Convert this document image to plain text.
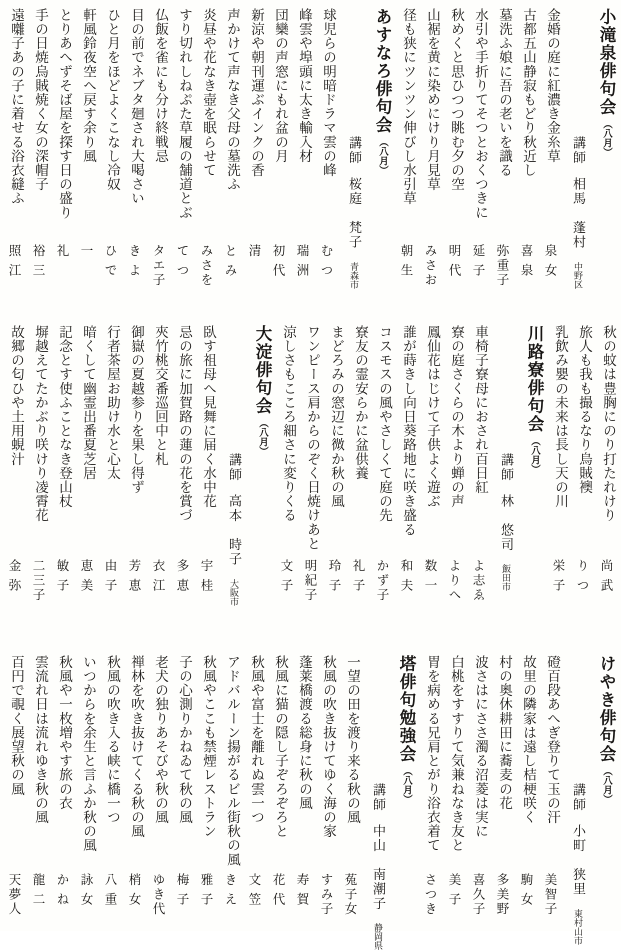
小滝泉俳句会（八月）
講師相馬　蓬村中野区
金婚の庭に紅濃き金糸草
泉 女
古都五山静寂もどり秋近し
喜 泉
墓洗ふ娘に吾の老いを識る
弥重子
水引や手折りてそつとおくつきに
延 子
秋めくと思ひつつ眺む夕の空
明 代
山裾を黄に染めにけり月見草
みさお
径も狭にツンツン伸びし水引草
朝 生
あすなろ俳句会（八月）
講師桜庭　梵子青森市
球児らの明暗ドラマ雲の峰
む つ
峰雲や埠頭に太き輸入材
瑞 洲
団欒の声窓にもれ盆の月
初 代
新涼や朝刊運ぶインクの香
清
声かけて声なき父母の墓洗ふ
と み
炎昼や花なき壺を眠らせて
みさを
すり切れしねぷた草履の舗道とぶ
て つ
仏飯を雀にも分け終戦忌
タエ子
目の前でネブタ廻され大喝さい
き よ
ひと月をほどよくこなし冷奴
ひ で
軒風鈴夜空へ戻す余り風
一
とりあへずそば屋を探す日の盛り
礼
手の日焼烏賊焼く女の深帽子
裕 三
遠囃子あの子に着せる浴衣縫ふ
照 江
秋の蚊は豊胸にのり打たれけり
尚 武
旅人も我も撮るなり烏賊襖
り つ
乳飲み嬰の未来は長し天の川
栄 子
川路寮俳句会（八月）
講師林　悠司飯田市
車椅子寮母におされ百日紅
よ志ゑ
寮の庭さくらの木より蝉の声
よりへ
鳳仙花はじけて子供よく遊ぶ
数 一
誰が蒔きし向日葵路地に咲き盛る
和 夫
コスモスの風やさしくて庭の先
かず子
寮友の霊安らかに盆供養
礼 子
まどろみの窓辺に微か秋の風
玲 子
ワンピース肩からのぞく日焼けあと
明紀子
涼しさもこころ細さに変りくる
文 子
大淀俳句会（八月）
講師高本　時子大阪市
臥す祖母へ見舞に届く水中花
宇 桂
忌の旅に加賀路の蓮の花を賞づ
多 恵
夾竹桃交番巡回中と札
衣 江
御嶽の夏越参りを果し得ず
芳 恵
行者茶屋お助け水と心太
由 子
暗くして幽霊出番夏芝居
恵 美
記念とす使ふことなき登山杖
敏 子
塀越えてたかぶり咲けり凌霄花
二三子
故郷の匂ひや土用蜆汁
金 弥
けやき俳句会（八月）
講師小町　狭里東村山市
磴百段あへぎ登りて玉の汗
美智子
故里の隣家は遠し桔梗咲く
駒 女
村の奥休耕田に蕎麦の花
多美野
波さはにささ濁る沼菱は実に
喜久子
白桃をすすりて気兼ねなき友と
美 子
胃を病める兄肩とがり浴衣着て
さつき
塔俳句勉強会（八月）
講師中山　南潮子静岡県
一望の田を渡り来る秋の風
菟子女
秋風の吹き抜けてゆく海の家
すみ子
蓬莱橋渡る総身に秋の風
寿 賀
秋風に猫の隠し子ぞろぞろと
花 代
秋風や富士を離れぬ雲一つ
文 笠
アドバルーン揚がるビル街秋の風
き え
秋風やここも禁煙レストラン
雅 子
子の心測りかねゐて秋の風
梅 子
老犬の独りあそびや秋の風
ゆき代
禅林を吹き抜けてくる秋の風
梢 女
秋風の吹き入る峡に橋一つ
八 重
いつからを余生と言ふか秋の風
詠 女
秋風や一枚増やす旅の衣
か ね
雲流れ日は流れゆき秋の風
龍 二
百円で覗く展望秋の風
天夢人
